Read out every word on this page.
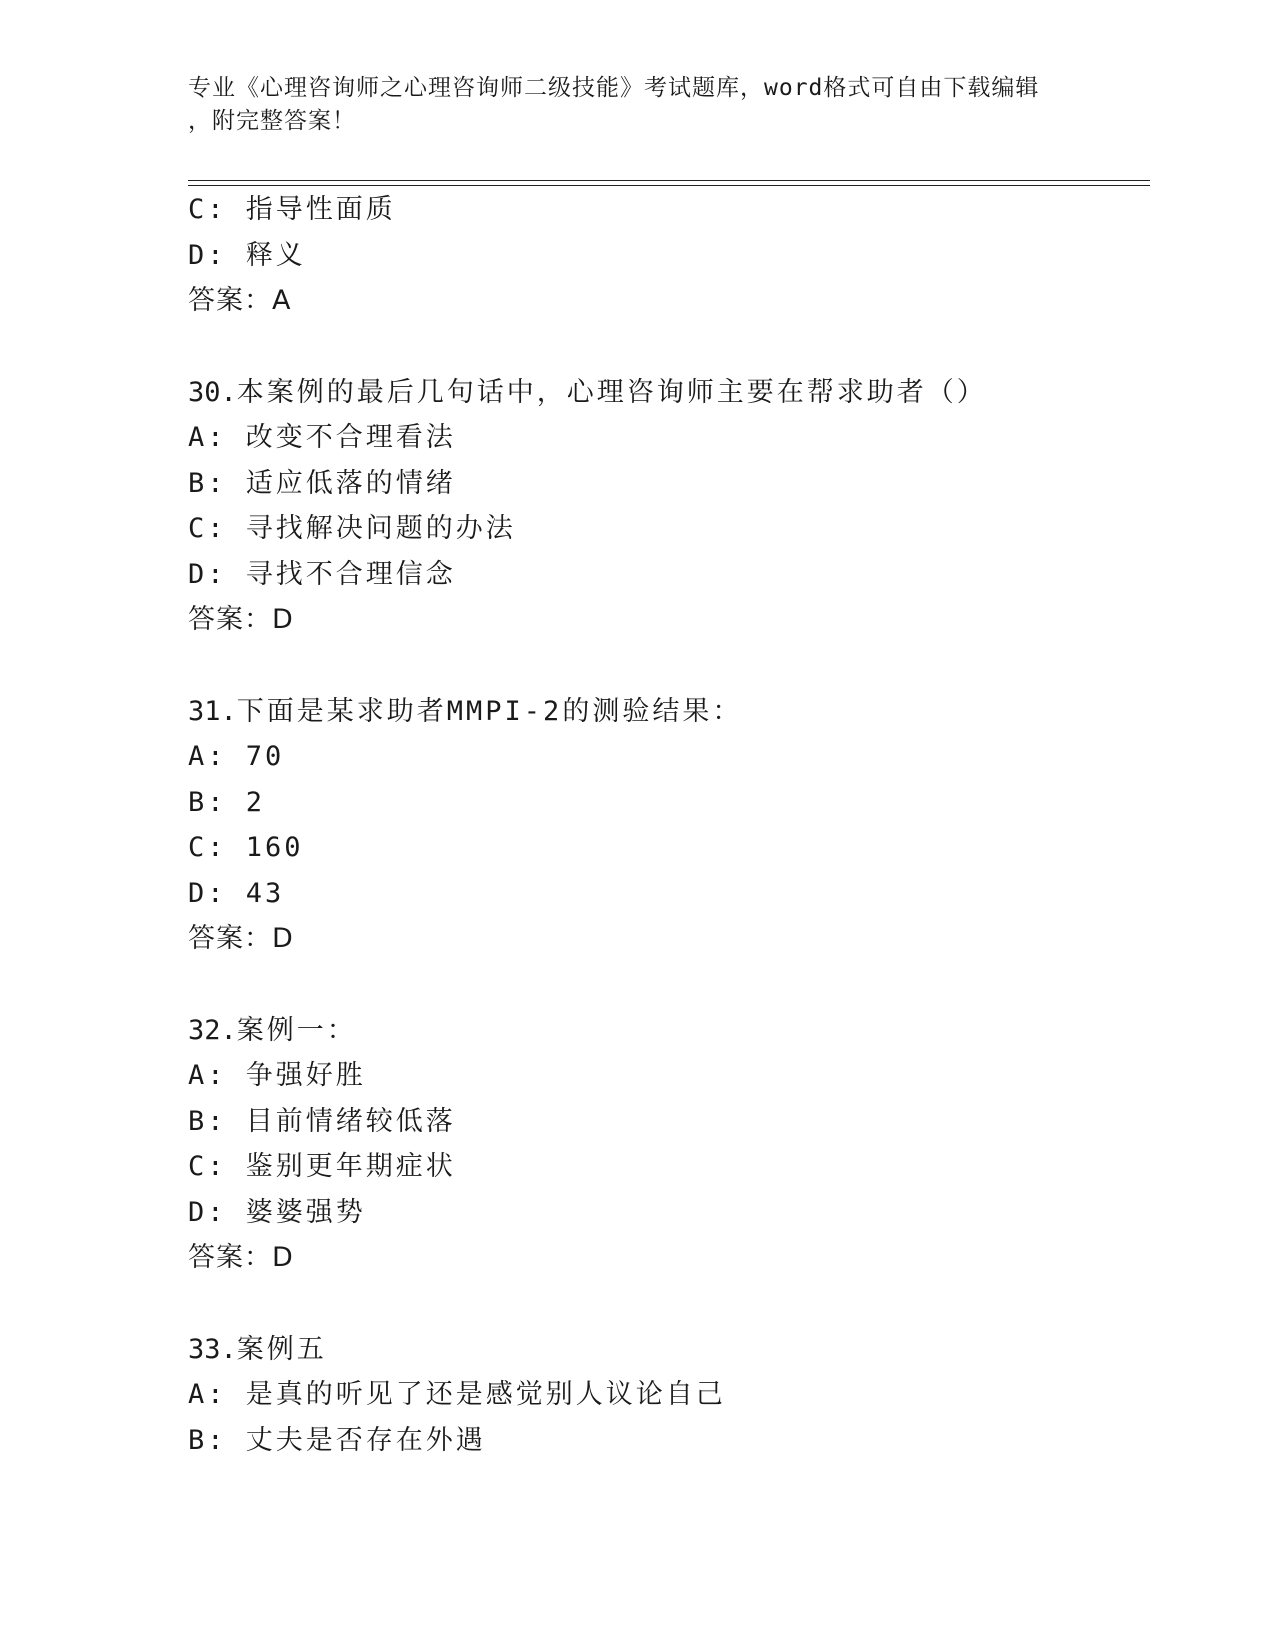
专业《心理咨询师之心理咨询师二级技能》考试题库，word格式可自由下载编辑
，附完整答案！
C: 指导性面质
D: 释义
答案：A
30.本案例的最后几句话中，心理咨询师主要在帮求助者（）
A: 改变不合理看法
B: 适应低落的情绪
C: 寻找解决问题的办法
D: 寻找不合理信念
答案：D
31.下面是某求助者MMPI-2的测验结果：
A: 70
B: 2
C: 160
D: 43
答案：D
32.案例一：
A: 争强好胜
B: 目前情绪较低落
C: 鉴别更年期症状
D: 婆婆强势
答案：D
33.案例五
A: 是真的听见了还是感觉别人议论自己
B: 丈夫是否存在外遇
